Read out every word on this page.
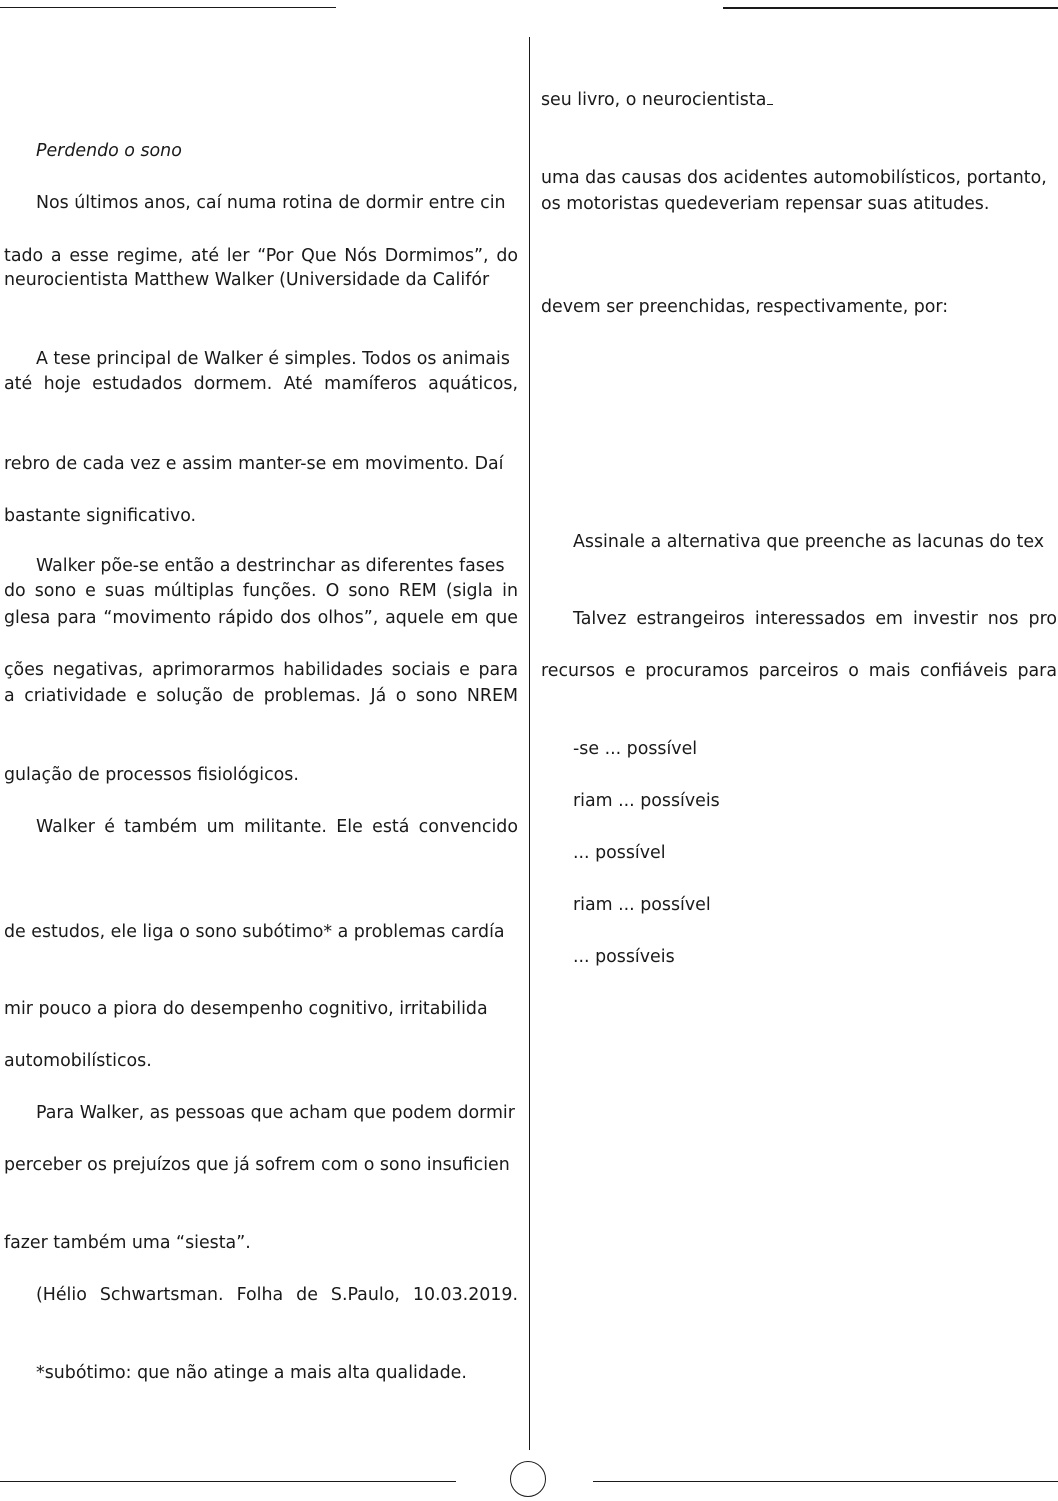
Perdendo o sono
Nos últimos anos, caí numa rotina de dormir entre cin
tado a esse regime, até ler “Por Que Nós Dormimos”, do
neurocientista Matthew Walker (Universidade da Califór
A tese principal de Walker é simples. Todos os animais
até hoje estudados dormem. Até mamíferos aquáticos,
rebro de cada vez e assim manter-se em movimento. Daí
bastante significativo.
Walker põe-se então a destrinchar as diferentes fases
do sono e suas múltiplas funções. O sono REM (sigla in
glesa para “movimento rápido dos olhos”, aquele em que
ções negativas, aprimorarmos habilidades sociais e para
a criatividade e solução de problemas. Já o sono NREM
gulação de processos fisiológicos.
Walker é também um militante. Ele está convencido
de estudos, ele liga o sono subótimo* a problemas cardía
mir pouco a piora do desempenho cognitivo, irritabilida
automobilísticos.
Para Walker, as pessoas que acham que podem dormir
perceber os prejuízos que já sofrem com o sono insuficien
fazer também uma “siesta”.
(Hélio Schwartsman. Folha de S.Paulo, 10.03.2019.
*subótimo: que não atinge a mais alta qualidade.
seu livro, o neurocientista
uma das causas dos acidentes automobilísticos, portanto,
os motoristas quedeveriam repensar suas atitudes.
devem ser preenchidas, respectivamente, por:
Assinale a alternativa que preenche as lacunas do tex
Talvez estrangeiros interessados em investir nos pro
recursos e procuramos parceiros o mais confiáveis para
-se ... possível
riam ... possíveis
... possível
riam ... possível
... possíveis
